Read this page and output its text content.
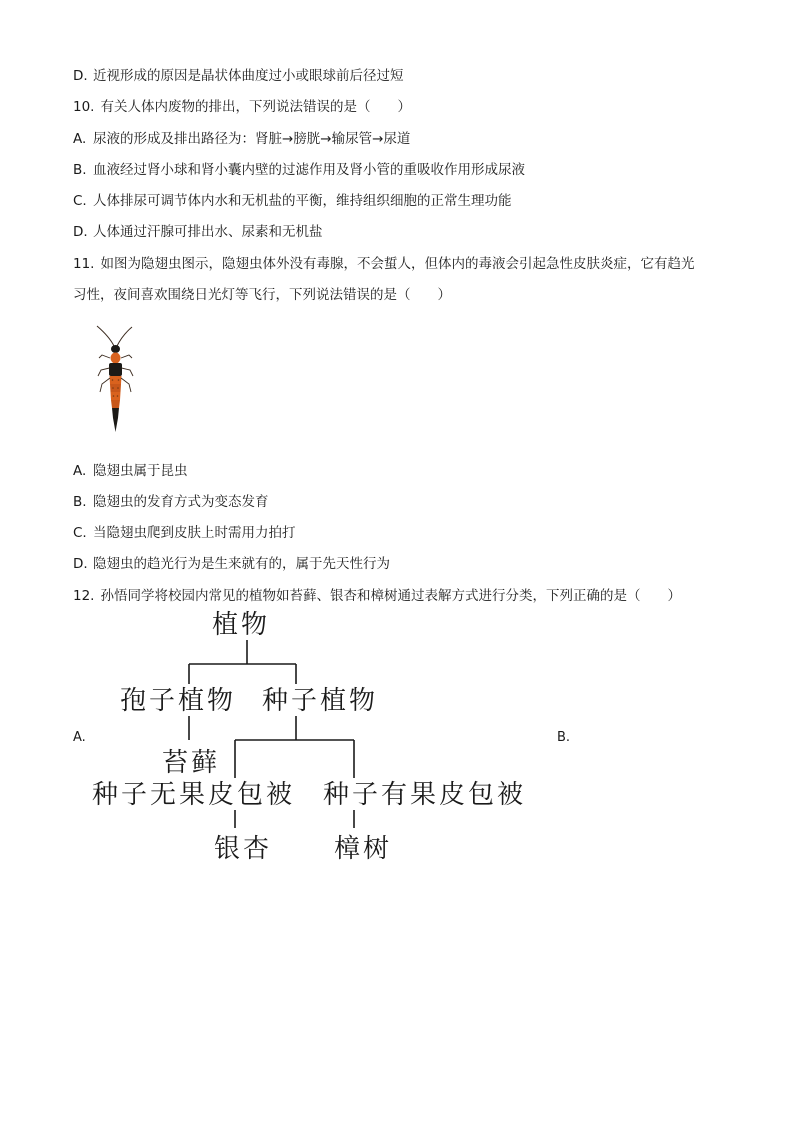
D. 近视形成的原因是晶状体曲度过小或眼球前后径过短
10. 有关人体内废物的排出，下列说法错误的是（　　）
A. 尿液的形成及排出路径为：肾脏→膀胱→输尿管→尿道
B. 血液经过肾小球和肾小囊内壁的过滤作用及肾小管的重吸收作用形成尿液
C. 人体排尿可调节体内水和无机盐的平衡，维持组织细胞的正常生理功能
D. 人体通过汗腺可排出水、尿素和无机盐
11. 如图为隐翅虫图示，隐翅虫体外没有毒腺，不会蜇人，但体内的毒液会引起急性皮肤炎症，它有趋光
习性，夜间喜欢围绕日光灯等飞行，下列说法错误的是（　　）
A. 隐翅虫属于昆虫
B. 隐翅虫的发育方式为变态发育
C. 当隐翅虫爬到皮肤上时需用力拍打
D. 隐翅虫的趋光行为是生来就有的，属于先天性行为
12. 孙悟同学将校园内常见的植物如苔藓、银杏和樟树通过表解方式进行分类，下列正确的是（　　）
A.	B.
植物
孢子植物 种子植物
苔藓
种子无果皮包被 种子有果皮包被
银杏 樟树
